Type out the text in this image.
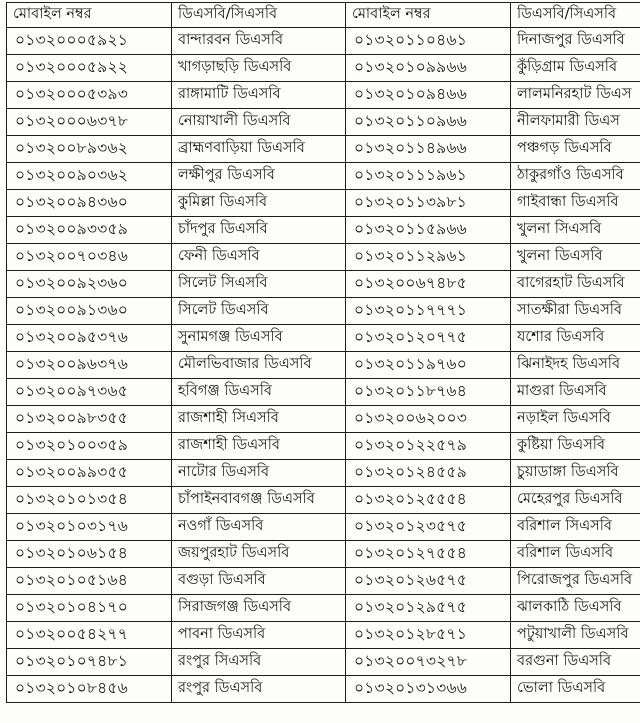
মোবাইল নম্বর	ডিএসবি/সিএসবি	মোবাইল নম্বর	ডিএসবি/সিএসবি
০১৩২০০০৫৯২১	বান্দারবন ডিএসবি	০১৩২০১১০৪৬১	দিনাজপুর ডিএসবি
০১৩২০০০৫৯২২	খাগড়াছড়ি ডিএসবি	০১৩২০১০৯৯৬৬	কুঁড়িগ্রাম ডিএসবি
০১৩২০০০৫৩৯৩	রাঙ্গামাটি ডিএসবি	০১৩২০১০৯৪৬৬	লালমনিরহাট ডিএস
০১৩২০০০৬৩৭৮	নোয়াখালী ডিএসবি	০১৩২০১১০৯৬৬	নীলফামারী ডিএস
০১৩২০০৮৯৩৬২	ব্রাহ্মণবাড়িয়া ডিএসবি	০১৩২০১১৪৯৬৬	পঞ্চগড় ডিএসবি
০১৩২০০৯০৩৬২	লক্ষীপুর ডিএসবি	০১৩২০১১১৯৬১	ঠাকুরগাঁও ডিএসবি
০১৩২০০৯৪৩৬০	কুমিল্লা ডিএসবি	০১৩২০১১৩৯৮১	গাইবান্ধা ডিএসবি
০১৩২০০৯৩৩৫৯	চাঁদপুর ডিএসবি	০১৩২০১১৫৯৬৬	খুলনা সিএসবি
০১৩২০০৭০৩৪৬	ফেনী ডিএসবি	০১৩২০১১২৯৬১	খুলনা ডিএসবি
০১৩২০০৯২৩৬০	সিলেট সিএসবি	০১৩২০০৬৭৪৮৫	বাগেরহাট ডিএসবি
০১৩২০০৯১৩৬০	সিলেট ডিএসবি	০১৩২০১১৭৭৭১	সাতক্ষীরা ডিএসবি
০১৩২০০৯৫৩৭৬	সুনামগঞ্জ ডিএসবি	০১৩২০১২০৭৭৫	যশোর ডিএসবি
০১৩২০০৯৬৩৭৬	মৌলভিবাজার ডিএসবি	০১৩২০১১৯৭৬০	ঝিনাইদহ ডিএসবি
০১৩২০০৯৭৩৬৫	হবিগঞ্জ ডিএসবি	০১৩২০১১৮৭৬৪	মাগুরা ডিএসবি
০১৩২০০৯৮৩৫৫	রাজশাহী সিএসবি	০১৩২০০৬২০০৩	নড়াইল ডিএসবি
০১৩২০১০০৩৫৯	রাজশাহী ডিএসবি	০১৩২০১২২৫৭৯	কুষ্টিয়া ডিএসবি
০১৩২০০৯৯৩৫৫	নাটোর ডিএসবি	০১৩২০১২৪৫৫৯	চুয়াডাঙ্গা ডিএসবি
০১৩২০১০১৩৫৪	চাঁপাইনবাবগঞ্জ ডিএসবি	০১৩২০১২৫৫৫৪	মেহেরপুর ডিএসবি
০১৩২০১০৩১৭৬	নওগাঁ ডিএসবি	০১৩২০১২৩৫৭৫	বরিশাল সিএসবি
০১৩২০১০৬১৫৪	জয়পুরহাট ডিএসবি	০১৩২০১২৭৫৫৪	বরিশাল ডিএসবি
০১৩২০১০৫১৬৪	বগুড়া ডিএসবি	০১৩২০১২৬৫৭৫	পিরোজপুর ডিএসবি
০১৩২০১০৪১৭০	সিরাজগঞ্জ ডিএসবি	০১৩২০১২৯৫৭৫	ঝালকাঠি ডিএসবি
০১৩২০০৫৪২৭৭	পাবনা ডিএসবি	০১৩২০১২৮৫৭১	পটুয়াখালী ডিএসবি
০১৩২০১০৭৪৮১	রংপুর সিএসবি	০১৩২০০৭৩২৭৮	বরগুনা ডিএসবি
০১৩২০১০৮৪৫৬	রংপুর ডিএসবি	০১৩২০১৩১৩৬৬	ভোলা ডিএসবি
